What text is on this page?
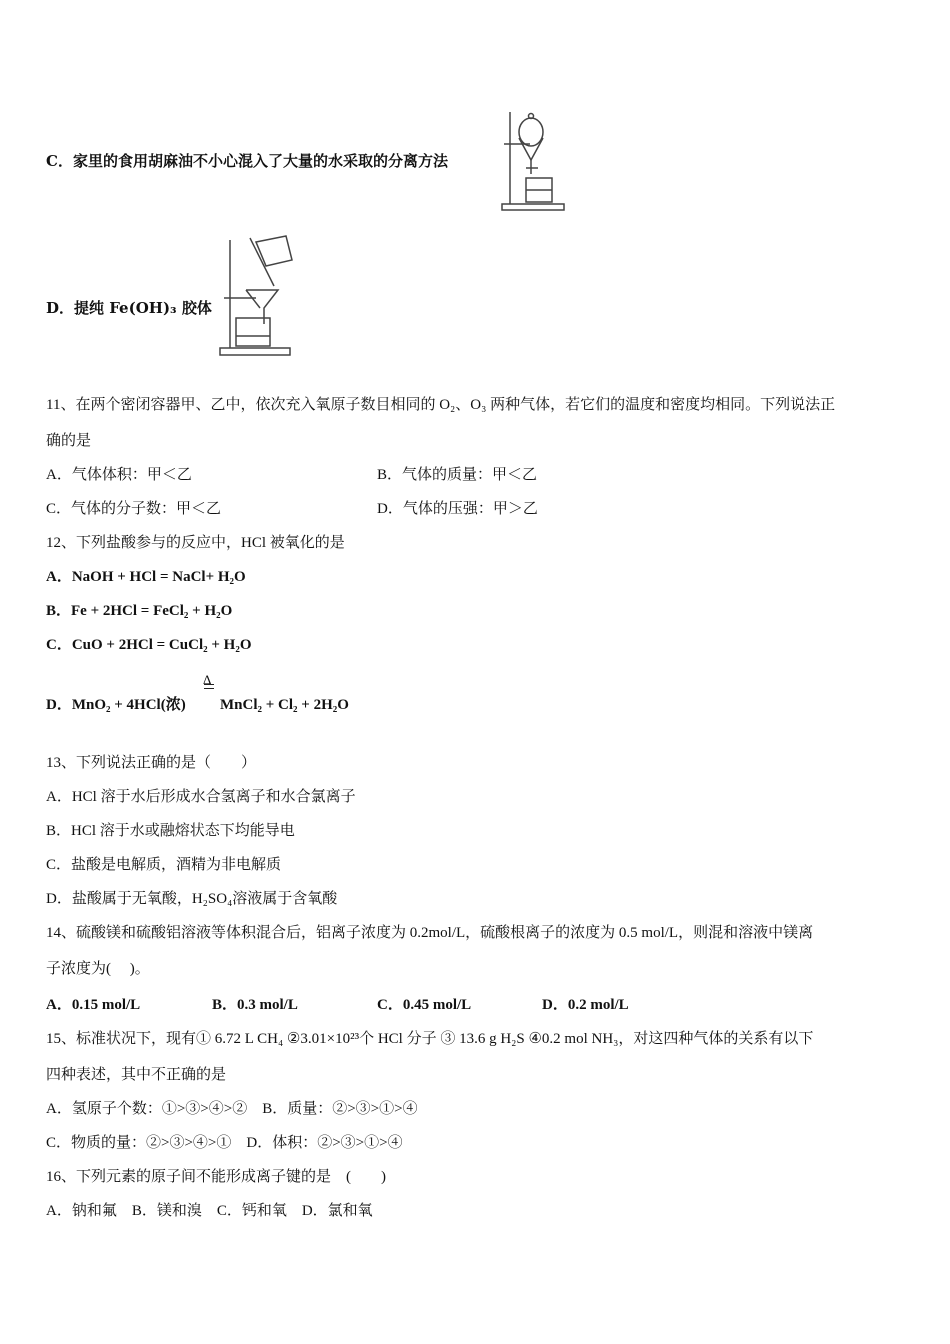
C．家里的食用胡麻油不小心混入了大量的水采取的分离方法
D．提纯 Fe(OH)₃ 胶体
11、在两个密闭容器甲、乙中，依次充入氧原子数目相同的 O₂、O₃ 两种气体，若它们的温度和密度均相同。下列说法正
确的是
A．气体体积：甲＜乙	B．气体的质量：甲＜乙
C．气体的分子数：甲＜乙	D．气体的压强：甲＞乙
12、下列盐酸参与的反应中，HCl 被氧化的是
A．NaOH + HCl = NaCl+ H₂O
B．Fe + 2HCl = FeCl₂ + H₂O
C．CuO + 2HCl = CuCl₂ + H₂O
Δ
D．MnO₂ + 4HCl(浓) MnCl₂ + Cl₂ + 2H₂O
13、下列说法正确的是（　　）
A．HCl 溶于水后形成水合氢离子和水合氯离子
B．HCl 溶于水或融熔状态下均能导电
C．盐酸是电解质，酒精为非电解质
D．盐酸属于无氧酸，H₂SO₄溶液属于含氧酸
14、硫酸镁和硫酸铝溶液等体积混合后，铝离子浓度为 0.2mol/L，硫酸根离子的浓度为 0.5 mol/L，则混和溶液中镁离
子浓度为(　 )。
A．0.15 mol/L	B．0.3 mol/L	C．0.45 mol/L	D．0.2 mol/L
15、标准状况下，现有① 6.72 L CH₄ ②3.01×10²³个 HCl 分子 ③ 13.6 g H₂S ④0.2 mol NH₃，对这四种气体的关系有以下
四种表述，其中不正确的是
A．氢原子个数：①>③>④>②　B．质量：②>③>①>④
C．物质的量：②>③>④>①　D．体积：②>③>①>④
16、下列元素的原子间不能形成离子键的是　(　　)
A．钠和氟　B．镁和溴　C．钙和氧　D．氯和氧
